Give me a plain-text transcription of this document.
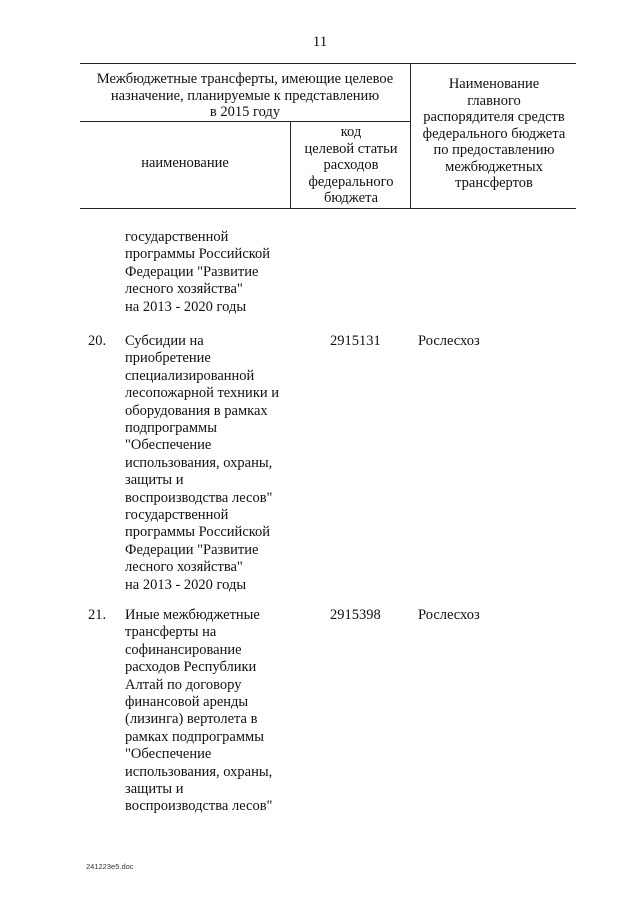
11
Межбюджетные трансферты, имеющие целевое
назначение, планируемые к представлению
в 2015 году
Наименование
главного
распорядителя средств
федерального бюджета
по предоставлению
межбюджетных
трансфертов
наименование
код
целевой статьи
расходов
федерального
бюджета
государственной
программы Российской
Федерации "Развитие
лесного хозяйства"
на 2013 - 2020 годы
20. Субсидии на
приобретение
специализированной
лесопожарной техники и
оборудования в рамках
подпрограммы
"Обеспечение
использования, охраны,
защиты и
воспроизводства лесов"
государственной
программы Российской
Федерации "Развитие
лесного хозяйства"
на 2013 - 2020 годы
2915131	Рослесхоз
21. Иные межбюджетные
трансферты на
софинансирование
расходов Республики
Алтай по договору
финансовой аренды
(лизинга) вертолета в
рамках подпрограммы
"Обеспечение
использования, охраны,
защиты и
воспроизводства лесов"
2915398	Рослесхоз
241223e5.doc
